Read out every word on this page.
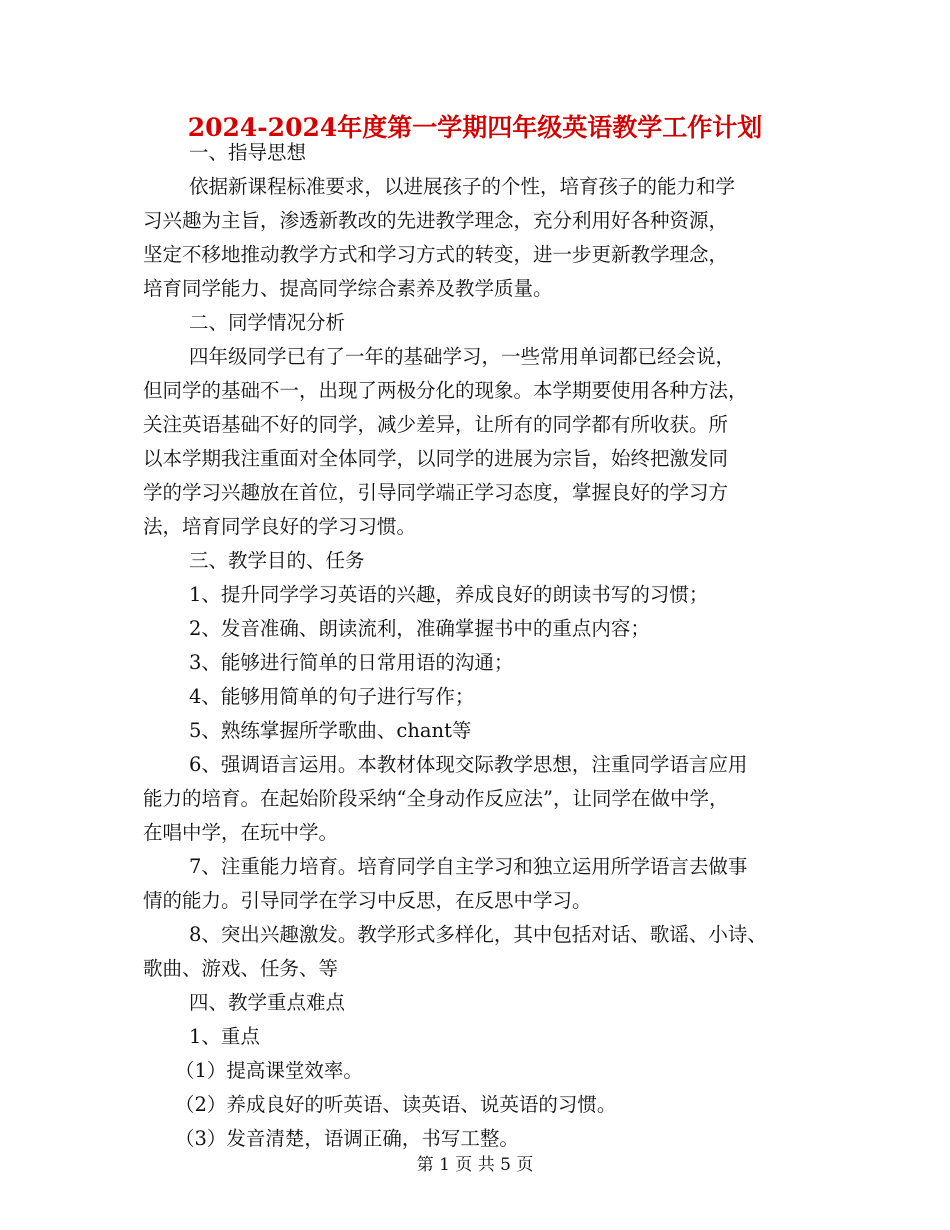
2024-2024年度第一学期四年级英语教学工作计划
一、指导思想
依据新课程标准要求，以进展孩子的个性，培育孩子的能力和学
习兴趣为主旨，渗透新教改的先进教学理念，充分利用好各种资源，
坚定不移地推动教学方式和学习方式的转变，进一步更新教学理念，
培育同学能力、提高同学综合素养及教学质量。
二、同学情况分析
四年级同学已有了一年的基础学习，一些常用单词都已经会说，
但同学的基础不一，出现了两极分化的现象。本学期要使用各种方法，
关注英语基础不好的同学，减少差异，让所有的同学都有所收获。所
以本学期我注重面对全体同学，以同学的进展为宗旨，始终把激发同
学的学习兴趣放在首位，引导同学端正学习态度，掌握良好的学习方
法，培育同学良好的学习习惯。
三、教学目的、任务
1、提升同学学习英语的兴趣，养成良好的朗读书写的习惯；
2、发音准确、朗读流利，准确掌握书中的重点内容；
3、能够进行简单的日常用语的沟通；
4、能够用简单的句子进行写作；
5、熟练掌握所学歌曲、chant等
6、强调语言运用。本教材体现交际教学思想，注重同学语言应用
能力的培育。在起始阶段采纳“全身动作反应法”，让同学在做中学，
在唱中学，在玩中学。
7、注重能力培育。培育同学自主学习和独立运用所学语言去做事
情的能力。引导同学在学习中反思，在反思中学习。
8、突出兴趣激发。教学形式多样化，其中包括对话、歌谣、小诗、
歌曲、游戏、任务、等
四、教学重点难点
1、重点
（1）提高课堂效率。
（2）养成良好的听英语、读英语、说英语的习惯。
（3）发音清楚，语调正确，书写工整。
第 1 页 共 5 页
